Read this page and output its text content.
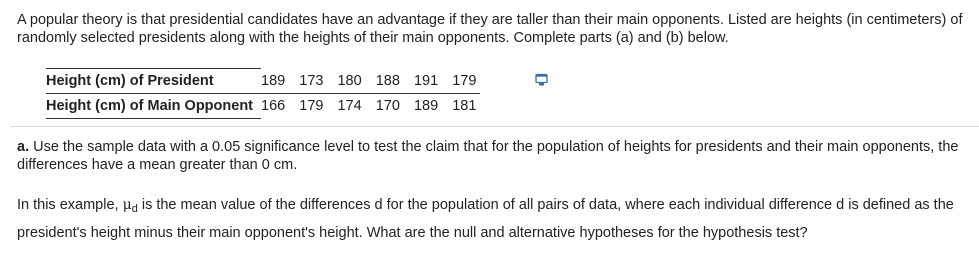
A popular theory is that presidential candidates have an advantage if they are taller than their main opponents. Listed are heights (in centimeters) of randomly selected presidents along with the heights of their main opponents. Complete parts (a) and (b) below.
Height (cm) of President	189 173 180 188 191 179
Height (cm) of Main Opponent	166 179 174 170 189 181
a. Use the sample data with a 0.05 significance level to test the claim that for the population of heights for presidents and their main opponents, the differences have a mean greater than 0 cm.
In this example, $\mu_d$ is the mean value of the differences d for the population of all pairs of data, where each individual difference d is defined as the president's height minus their main opponent's height. What are the null and alternative hypotheses for the hypothesis test?
